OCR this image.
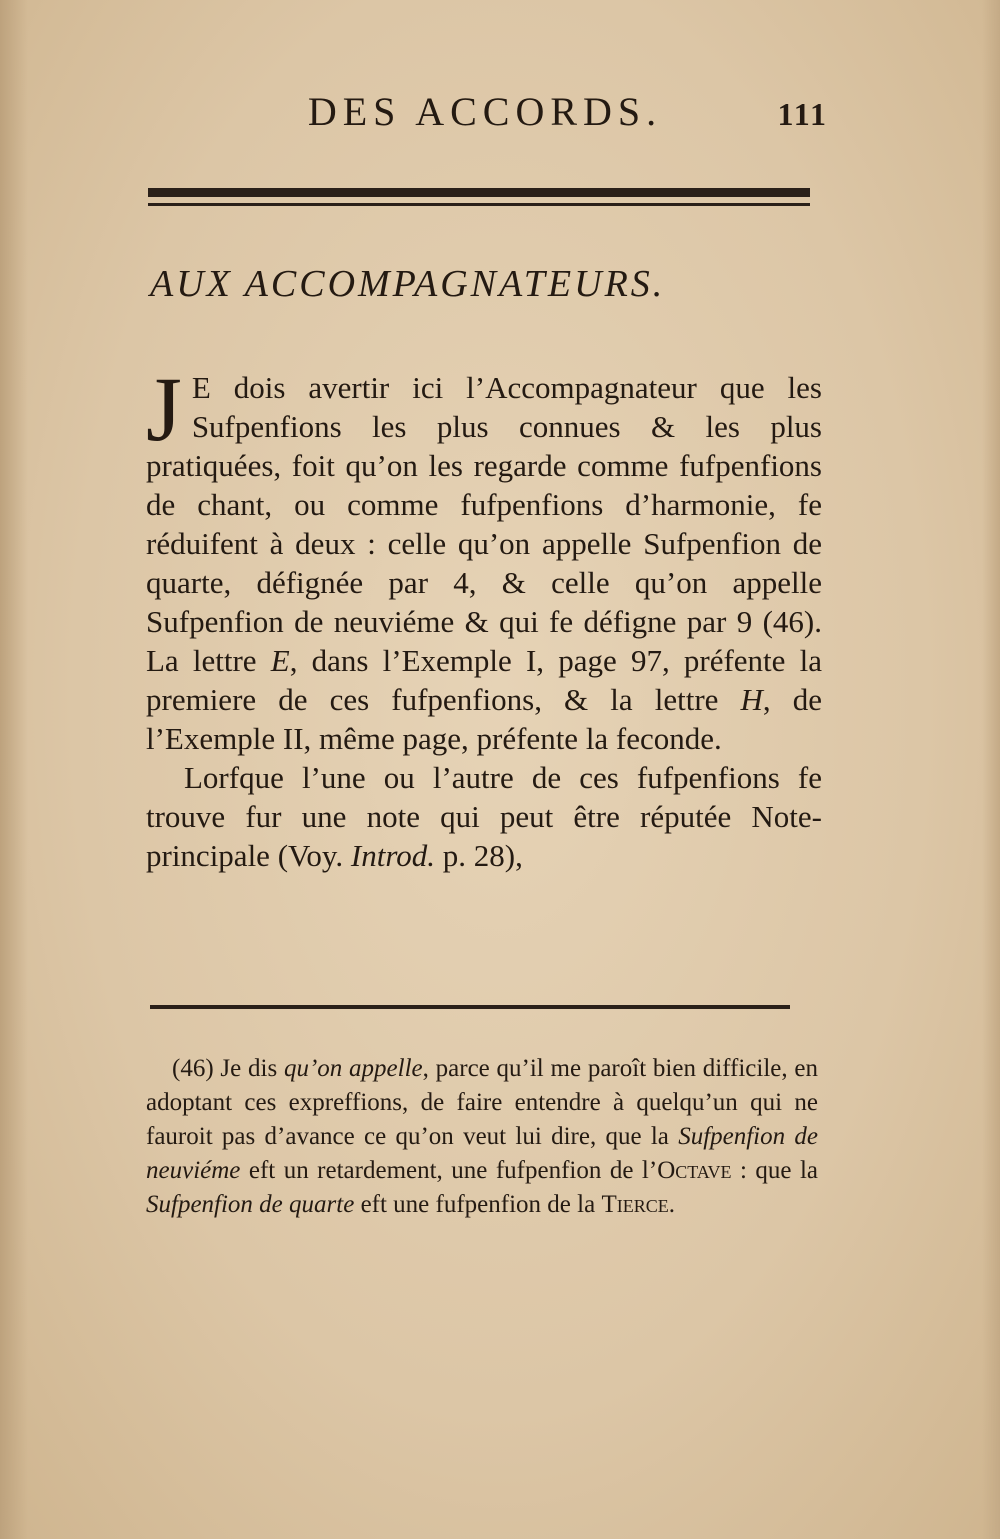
DES ACCORDS.	111
AUX ACCOMPAGNATEURS.

J E dois avertir ici l’Accompagnateur que les Sufpenfions les plus connues & les plus pratiquées, foit qu’on les regarde comme fufpenfions de chant, ou comme fufpenfions d’harmonie, fe réduifent à deux : celle qu’on appelle Sufpenfion de quarte, défignée par 4, & celle qu’on appelle Sufpenfion de neuviéme & qui fe défigne par 9 (46). La lettre E, dans l’Exemple I, page 97, préfente la premiere de ces fufpenfions, & la lettre H, de l’Exemple II, même page, préfente la feconde.

Lorfque l’une ou l’autre de ces fufpenfions fe trouve fur une note qui peut être réputée Note-principale (Voy. Introd. p. 28),

(46) Je dis qu’on appelle, parce qu’il me paroît bien difficile, en adoptant ces expreffions, de faire entendre à quelqu’un qui ne fauroit pas d’avance ce qu’on veut lui dire, que la Sufpenfion de neuviéme eft un retardement, une fufpenfion de l’Octave : que la Sufpenfion de quarte eft une fufpenfion de la Tierce.
